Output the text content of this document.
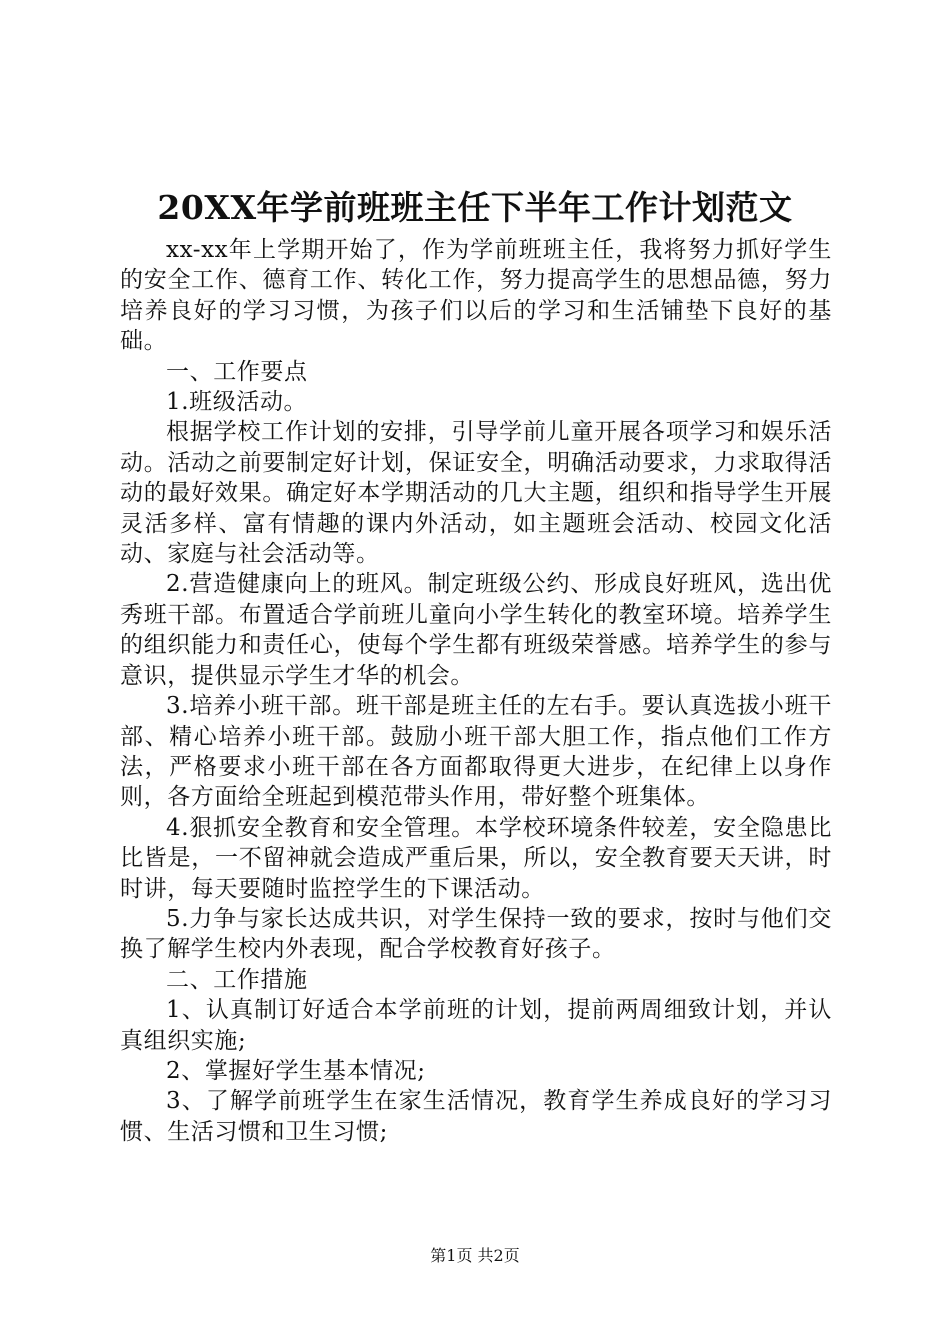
20XX年学前班班主任下半年工作计划范文

xx-xx年上学期开始了，作为学前班班主任，我将努力抓好学生的安全工作、德育工作、转化工作，努力提高学生的思想品德，努力培养良好的学习习惯，为孩子们以后的学习和生活铺垫下良好的基础。

一、工作要点

1.班级活动。

根据学校工作计划的安排，引导学前儿童开展各项学习和娱乐活动。活动之前要制定好计划，保证安全，明确活动要求，力求取得活动的最好效果。确定好本学期活动的几大主题，组织和指导学生开展灵活多样、富有情趣的课内外活动，如主题班会活动、校园文化活动、家庭与社会活动等。

2.营造健康向上的班风。制定班级公约、形成良好班风，选出优秀班干部。布置适合学前班儿童向小学生转化的教室环境。培养学生的组织能力和责任心，使每个学生都有班级荣誉感。培养学生的参与意识，提供显示学生才华的机会。

3.培养小班干部。班干部是班主任的左右手。要认真选拔小班干部、精心培养小班干部。鼓励小班干部大胆工作，指点他们工作方法，严格要求小班干部在各方面都取得更大进步，在纪律上以身作则，各方面给全班起到模范带头作用，带好整个班集体。

4.狠抓安全教育和安全管理。本学校环境条件较差，安全隐患比比皆是，一不留神就会造成严重后果，所以，安全教育要天天讲，时时讲，每天要随时监控学生的下课活动。

5.力争与家长达成共识，对学生保持一致的要求，按时与他们交换了解学生校内外表现，配合学校教育好孩子。

二、工作措施

1、认真制订好适合本学前班的计划，提前两周细致计划，并认真组织实施;

2、掌握好学生基本情况;

3、了解学前班学生在家生活情况，教育学生养成良好的学习习惯、生活习惯和卫生习惯;

第1页 共2页
